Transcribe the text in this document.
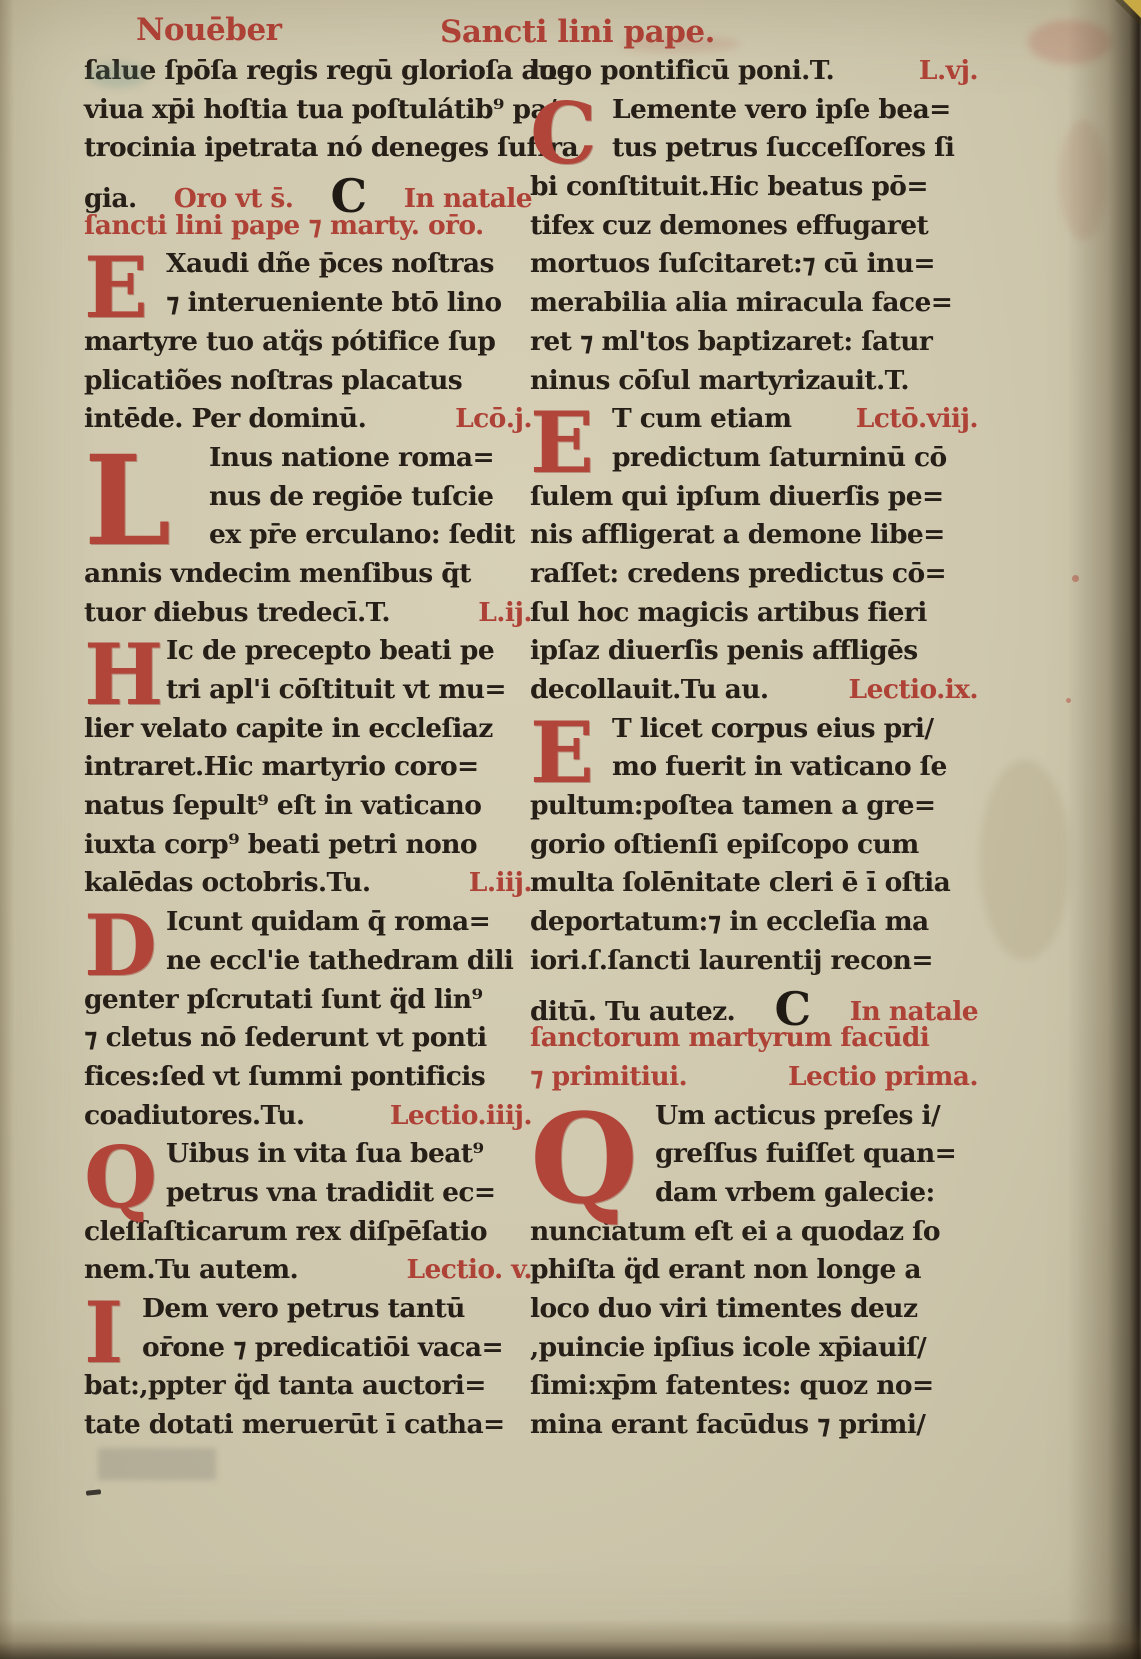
Nouēber	Sancti lini pape.
ſalue ſpōſa regis regū glorioſa aue
viua xp̄i hoſtia tua poſtulátib⁹ pa/
trocinia ipetrata nó deneges ſuffra
gia. Oro vt s̄. C In natale
ſancti lini pape ⁊ marty. or̄o.
E Xaudi dñe p̄ces noſtras
⁊ interueniente btō lino
martyre tuo atq̈s pótifice ſup
plicatiões noſtras placatus
intēde. Per dominū.	Lcō.j.
L Inus natione roma=
nus de regiōe tuſcie
ex pr̄e erculano: ſedit
annis vndecim menſibus q̄t
tuor diebus tredecī.T.	L.ij.
H Ic de precepto beati pe
tri apl'i cōſtituit vt mu=
lier velato capite in eccleſiaz
intraret.Hic martyrio coro=
natus ſepult⁹ eſt in vaticano
iuxta corp⁹ beati petri nono
kalēdas octobris.Tu.	L.iij.
D Icunt quidam q̄ roma=
ne eccl'ie tathedram dili
genter pſcrutati ſunt q̈d lin⁹
⁊ cletus nō ſederunt vt ponti
fices:ſed vt ſummi pontificis
coadiutores.Tu.	Lectio.iiij.
Q Uibus in vita ſua beat⁹
petrus vna tradidit ec=
cleſſaſticarum rex diſpēſatio
nem.Tu autem.	Lectio. v.
I Dem vero petrus tantū
or̄one ⁊ predicatiōi vaca=
bat:,ppter q̈d tanta auctori=
tate dotati meruerūt ī catha=
logo pontificū poni.T.	L.vj.
C Lemente vero ipſe bea=
tus petrus ſucceſſores ſi
bi conſtituit.Hic beatus pō=
tifex cuz demones effugaret
mortuos ſuſcitaret:⁊ cū inu=
merabilia alia miracula face=
ret ⁊ ml'tos baptizaret: ſatur
ninus cōſul martyrizauit.T.
E T cum etiam Lctō.viij.
predictum ſaturninū cō
ſulem qui ipſum diuerſis pe=
nis affligerat a demone libe=
raſſet: credens predictus cō=
ſul hoc magicis artibus fieri
ipſaz diuerſis penis affligēs
decollauit.Tu au.	Lectio.ix.
E T licet corpus eius pri/
mo fuerit in vaticano ſe
pultum:poſtea tamen a gre=
gorio oſtienſi epiſcopo cum
multa ſolēnitate cleri ē ī oſtia
deportatum:⁊ in eccleſia ma
iori.ſ.ſancti laurentij recon=
ditū. Tu autez. C In natale
ſanctorum martyrum facūdi
⁊ primitiui.	Lectio prima.
Q Um acticus preſes i/
greſſus fuiſſet quan=
dam vrbem galecie:
nunciatum eſt ei a quodaz ſo
phiſta q̈d erant non longe a
loco duo viri timentes deuz
,puincie ipſius icole xp̄iauiſ/
ſimi:xp̄m fatentes: quoz no=
mina erant facūdus ⁊ primi/
